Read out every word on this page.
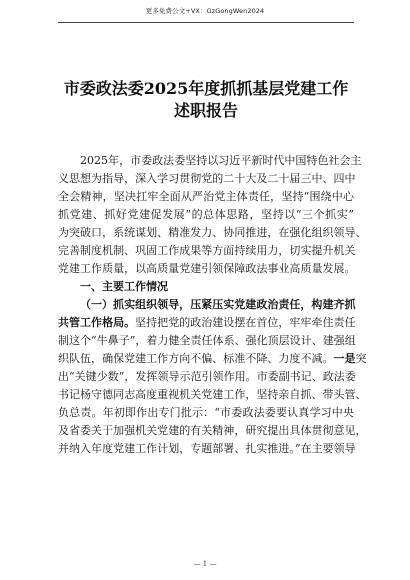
更多免费公文+VX：GzGongWen2024
市委政法委2025年度抓抓基层党建工作
述职报告
2025年，市委政法委坚持以习近平新时代中国特色社会主
义思想为指导，深入学习贯彻党的二十大及二十届三中、四中
全会精神，坚决扛牢全面从严治党主体责任，坚持“围绕中心
抓党建、抓好党建促发展”的总体思路，坚持以“三个抓实”
为突破口，系统谋划、精准发力、协同推进，在强化组织领导、
完善制度机制、巩固工作成果等方面持续用力，切实提升机关
党建工作质量，以高质量党建引领保障政法事业高质量发展。
一、主要工作情况
（一）抓实组织领导，压紧压实党建政治责任，构建齐抓
共管工作格局。坚持把党的政治建设摆在首位，牢牢牵住责任
制这个“牛鼻子”，着力健全责任体系、强化顶层设计、建强组
织队伍，确保党建工作方向不偏、标准不降、力度不减。一是突
出“关键少数”，发挥领导示范引领作用。市委副书记、政法委
书记杨守德同志高度重视机关党建工作，坚持亲自抓、带头管、
负总责。年初即作出专门批示：“市委政法委要认真学习中央
及省委关于加强机关党建的有关精神，研究提出具体贯彻意见，
并纳入年度党建工作计划，专题部署、扎实推进。”在主要领导
— 1 —
